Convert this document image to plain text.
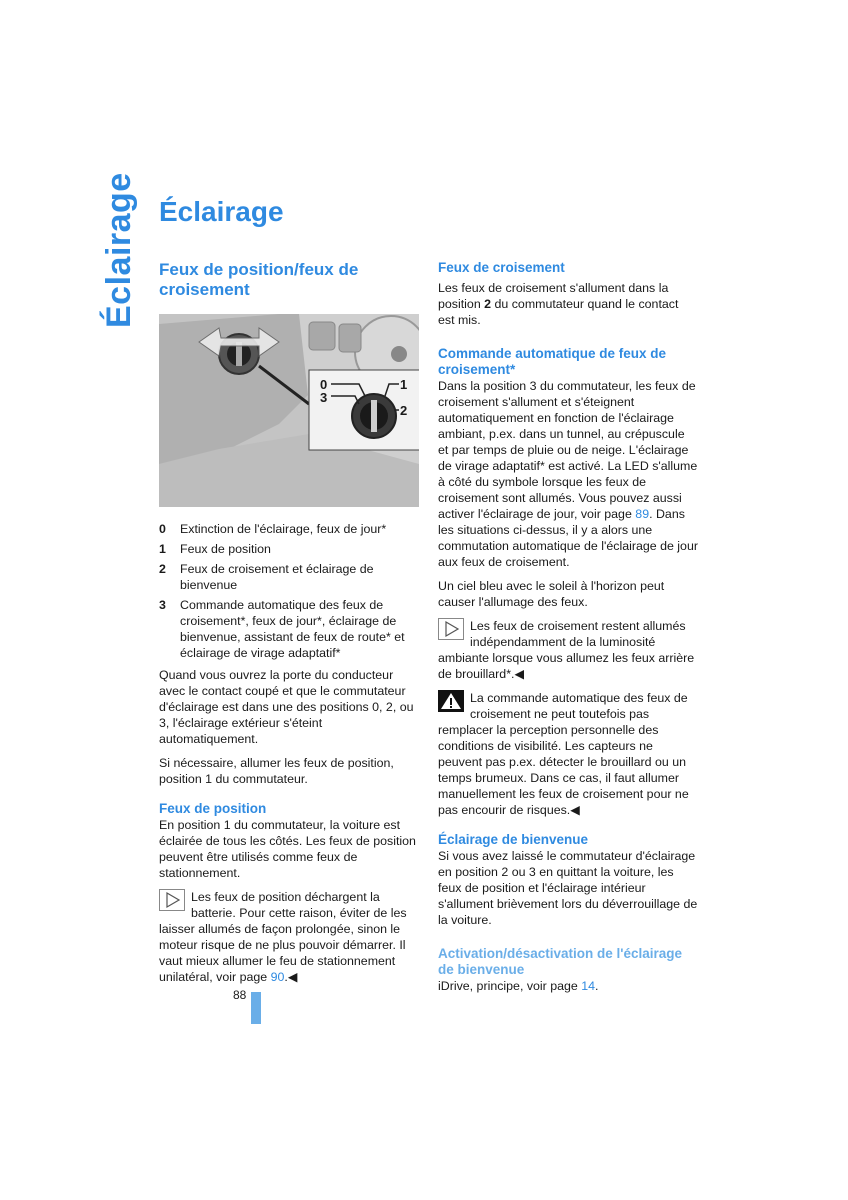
Éclairage Éclairage
Feux de position/feux de croisement
0	1
2
3
0	Extinction de l'éclairage, feux de jour*
1	Feux de position
2	Feux de croisement et éclairage de bienvenue
3	Commande automatique des feux de croisement*, feux de jour*, éclairage de bienvenue, assistant de feux de route* et éclairage de virage adaptatif*

Quand vous ouvrez la porte du conducteur avec le contact coupé et que le commutateur d'éclairage est dans une des positions 0, 2, ou 3, l'éclairage extérieur s'éteint automatiquement.

Si nécessaire, allumer les feux de position, position 1 du commutateur.

Feux de position

En position 1 du commutateur, la voiture est éclairée de tous les côtés. Les feux de position peuvent être utilisés comme feux de stationnement.

Les feux de position déchargent la batterie. Pour cette raison, éviter de les laisser allumés de façon prolongée, sinon le moteur risque de ne plus pouvoir démarrer. Il vaut mieux allumer le feu de stationnement unilatéral, voir page 90.◀
Feux de croisement

Les feux de croisement s'allument dans la position 2 du commutateur quand le contact est mis.

Commande automatique de feux de croisement*

Dans la position 3 du commutateur, les feux de croisement s'allument et s'éteignent automatiquement en fonction de l'éclairage ambiant, p.ex. dans un tunnel, au crépuscule et par temps de pluie ou de neige. L'éclairage de virage adaptatif* est activé. La LED s'allume à côté du symbole lorsque les feux de croisement sont allumés. Vous pouvez aussi activer l'éclairage de jour, voir page 89. Dans les situations ci-dessus, il y a alors une commutation automatique de l'éclairage de jour aux feux de croisement.

Un ciel bleu avec le soleil à l'horizon peut causer l'allumage des feux.

Les feux de croisement restent allumés indépendamment de la luminosité ambiante lorsque vous allumez les feux arrière de brouillard*.◀
La commande automatique des feux de croisement ne peut toutefois pas remplacer la perception personnelle des conditions de visibilité. Les capteurs ne peuvent pas p.ex. détecter le brouillard ou un temps brumeux. Dans ce cas, il faut allumer manuellement les feux de croisement pour ne pas encourir de risques.◀
Éclairage de bienvenue

Si vous avez laissé le commutateur d'éclairage en position 2 ou 3 en quittant la voiture, les feux de position et l'éclairage intérieur s'allument brièvement lors du déverrouillage de la voiture.

Activation/désactivation de l'éclairage de bienvenue

iDrive, principe, voir page 14.

88
